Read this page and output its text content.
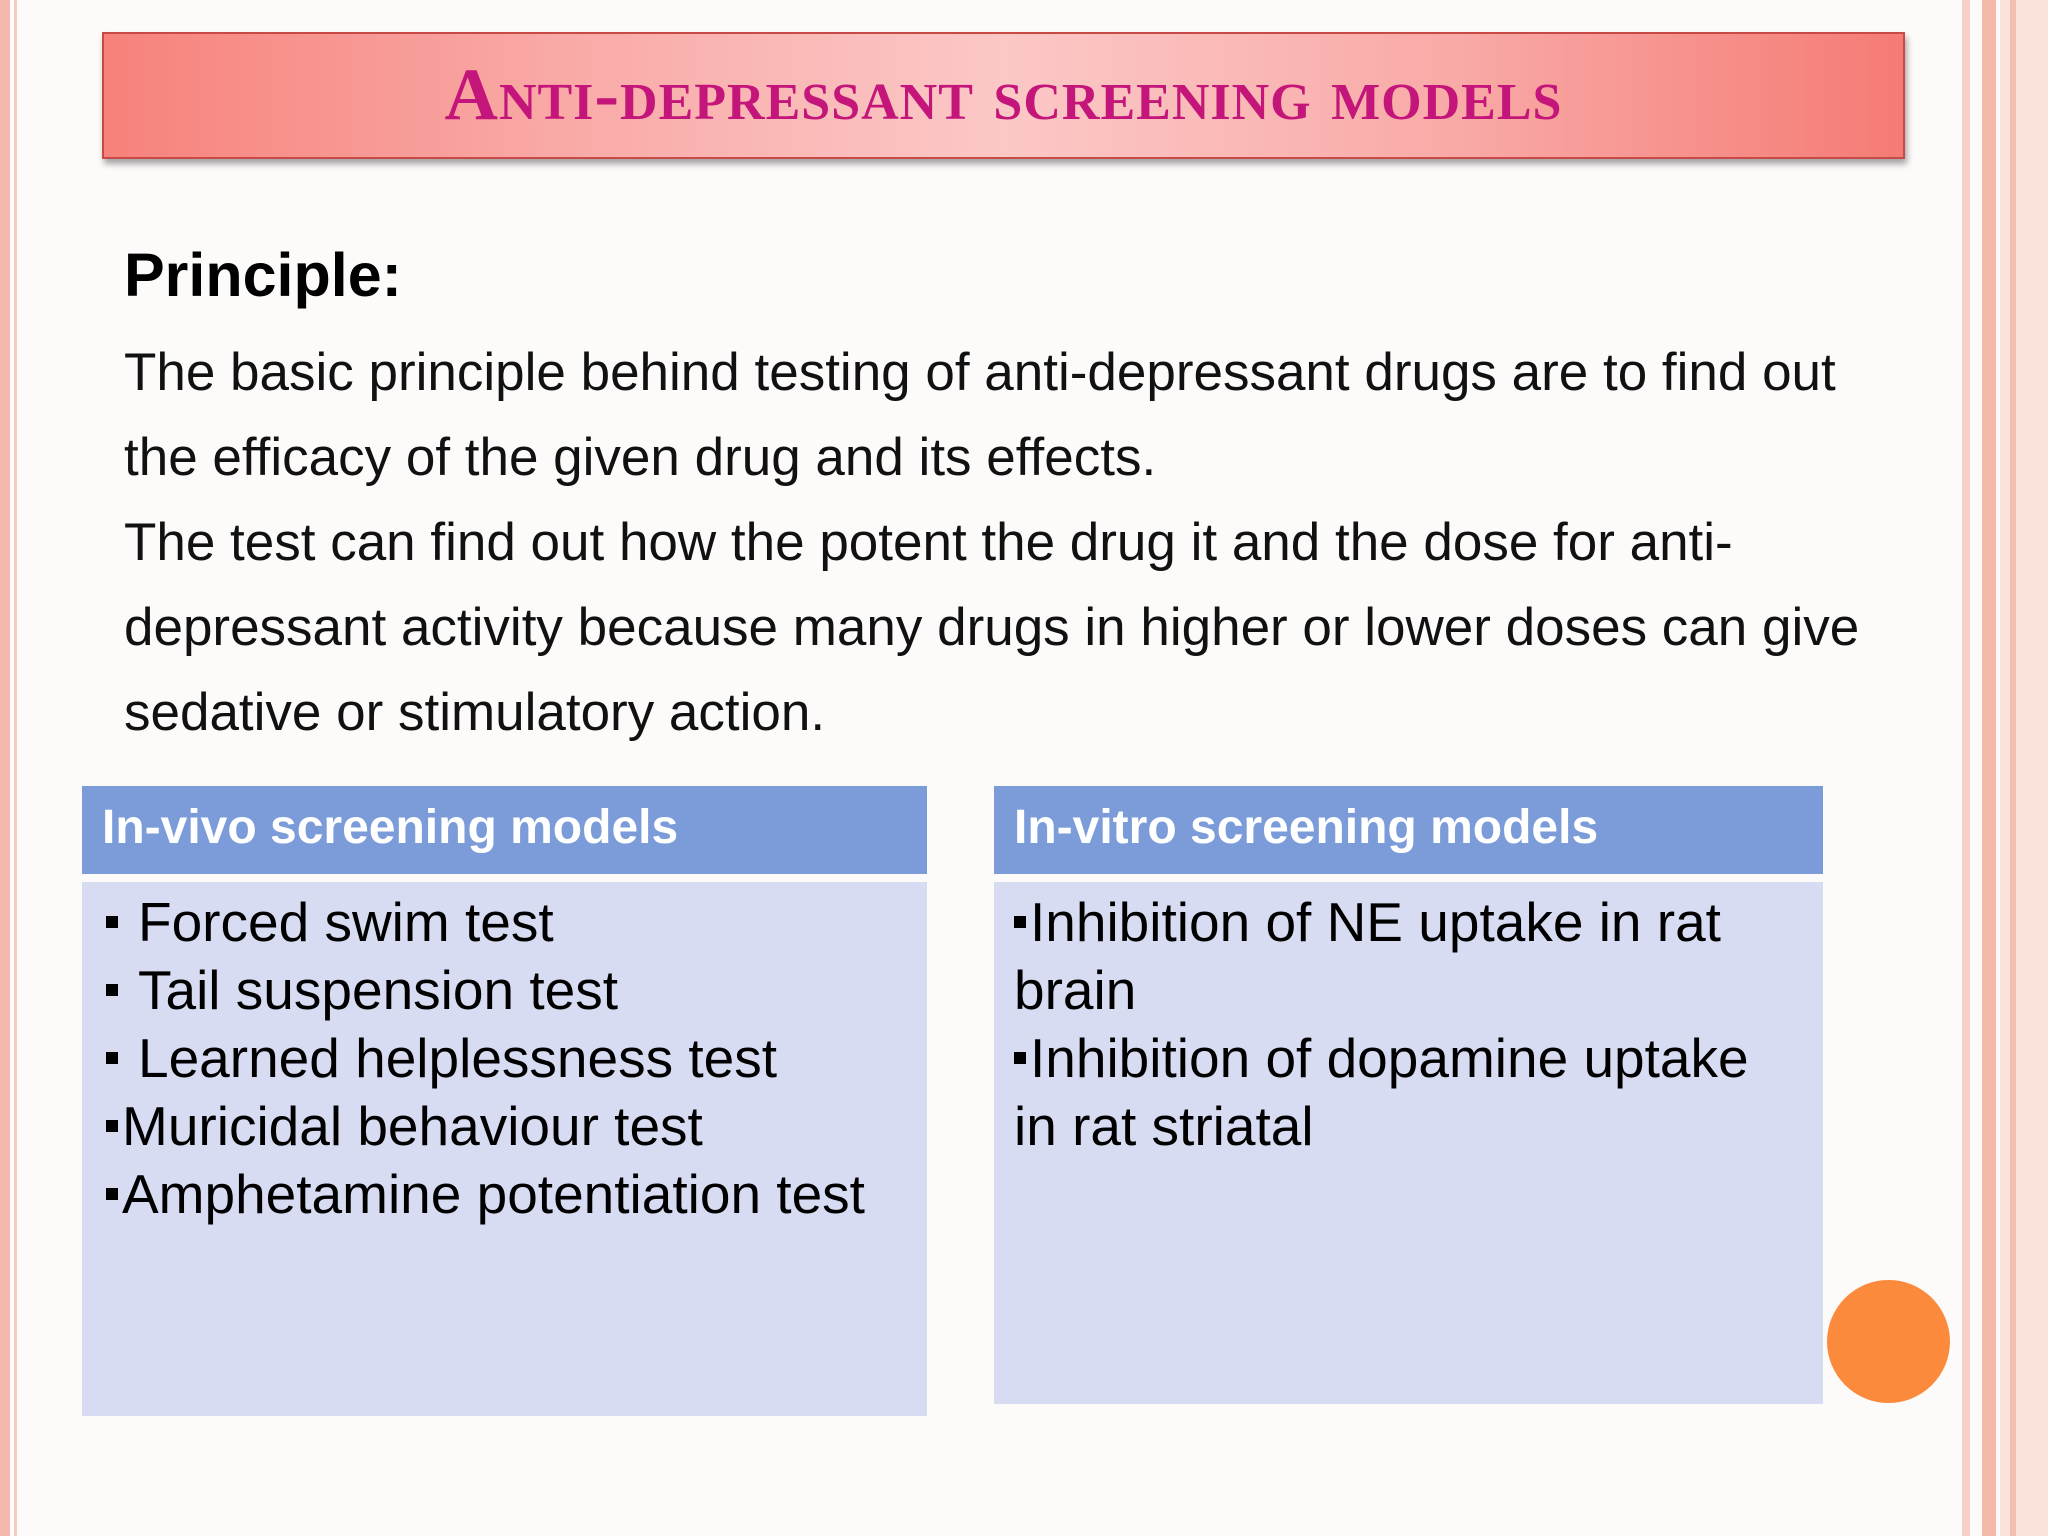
Anti-depressant screening models
Principle:

The basic principle behind testing of anti-depressant drugs are to find out the efficacy of the given drug and its effects.

The test can find out how the potent the drug it and the dose for anti-depressant activity because many drugs in higher or lower doses can give sedative or stimulatory action.

In-vivo screening models
Forced swim test
Tail suspension test
Learned helplessness test
Muricidal behaviour test
Amphetamine potentiation test
In-vitro screening models
Inhibition of NE uptake in rat brain
Inhibition of dopamine uptake in rat striatal
